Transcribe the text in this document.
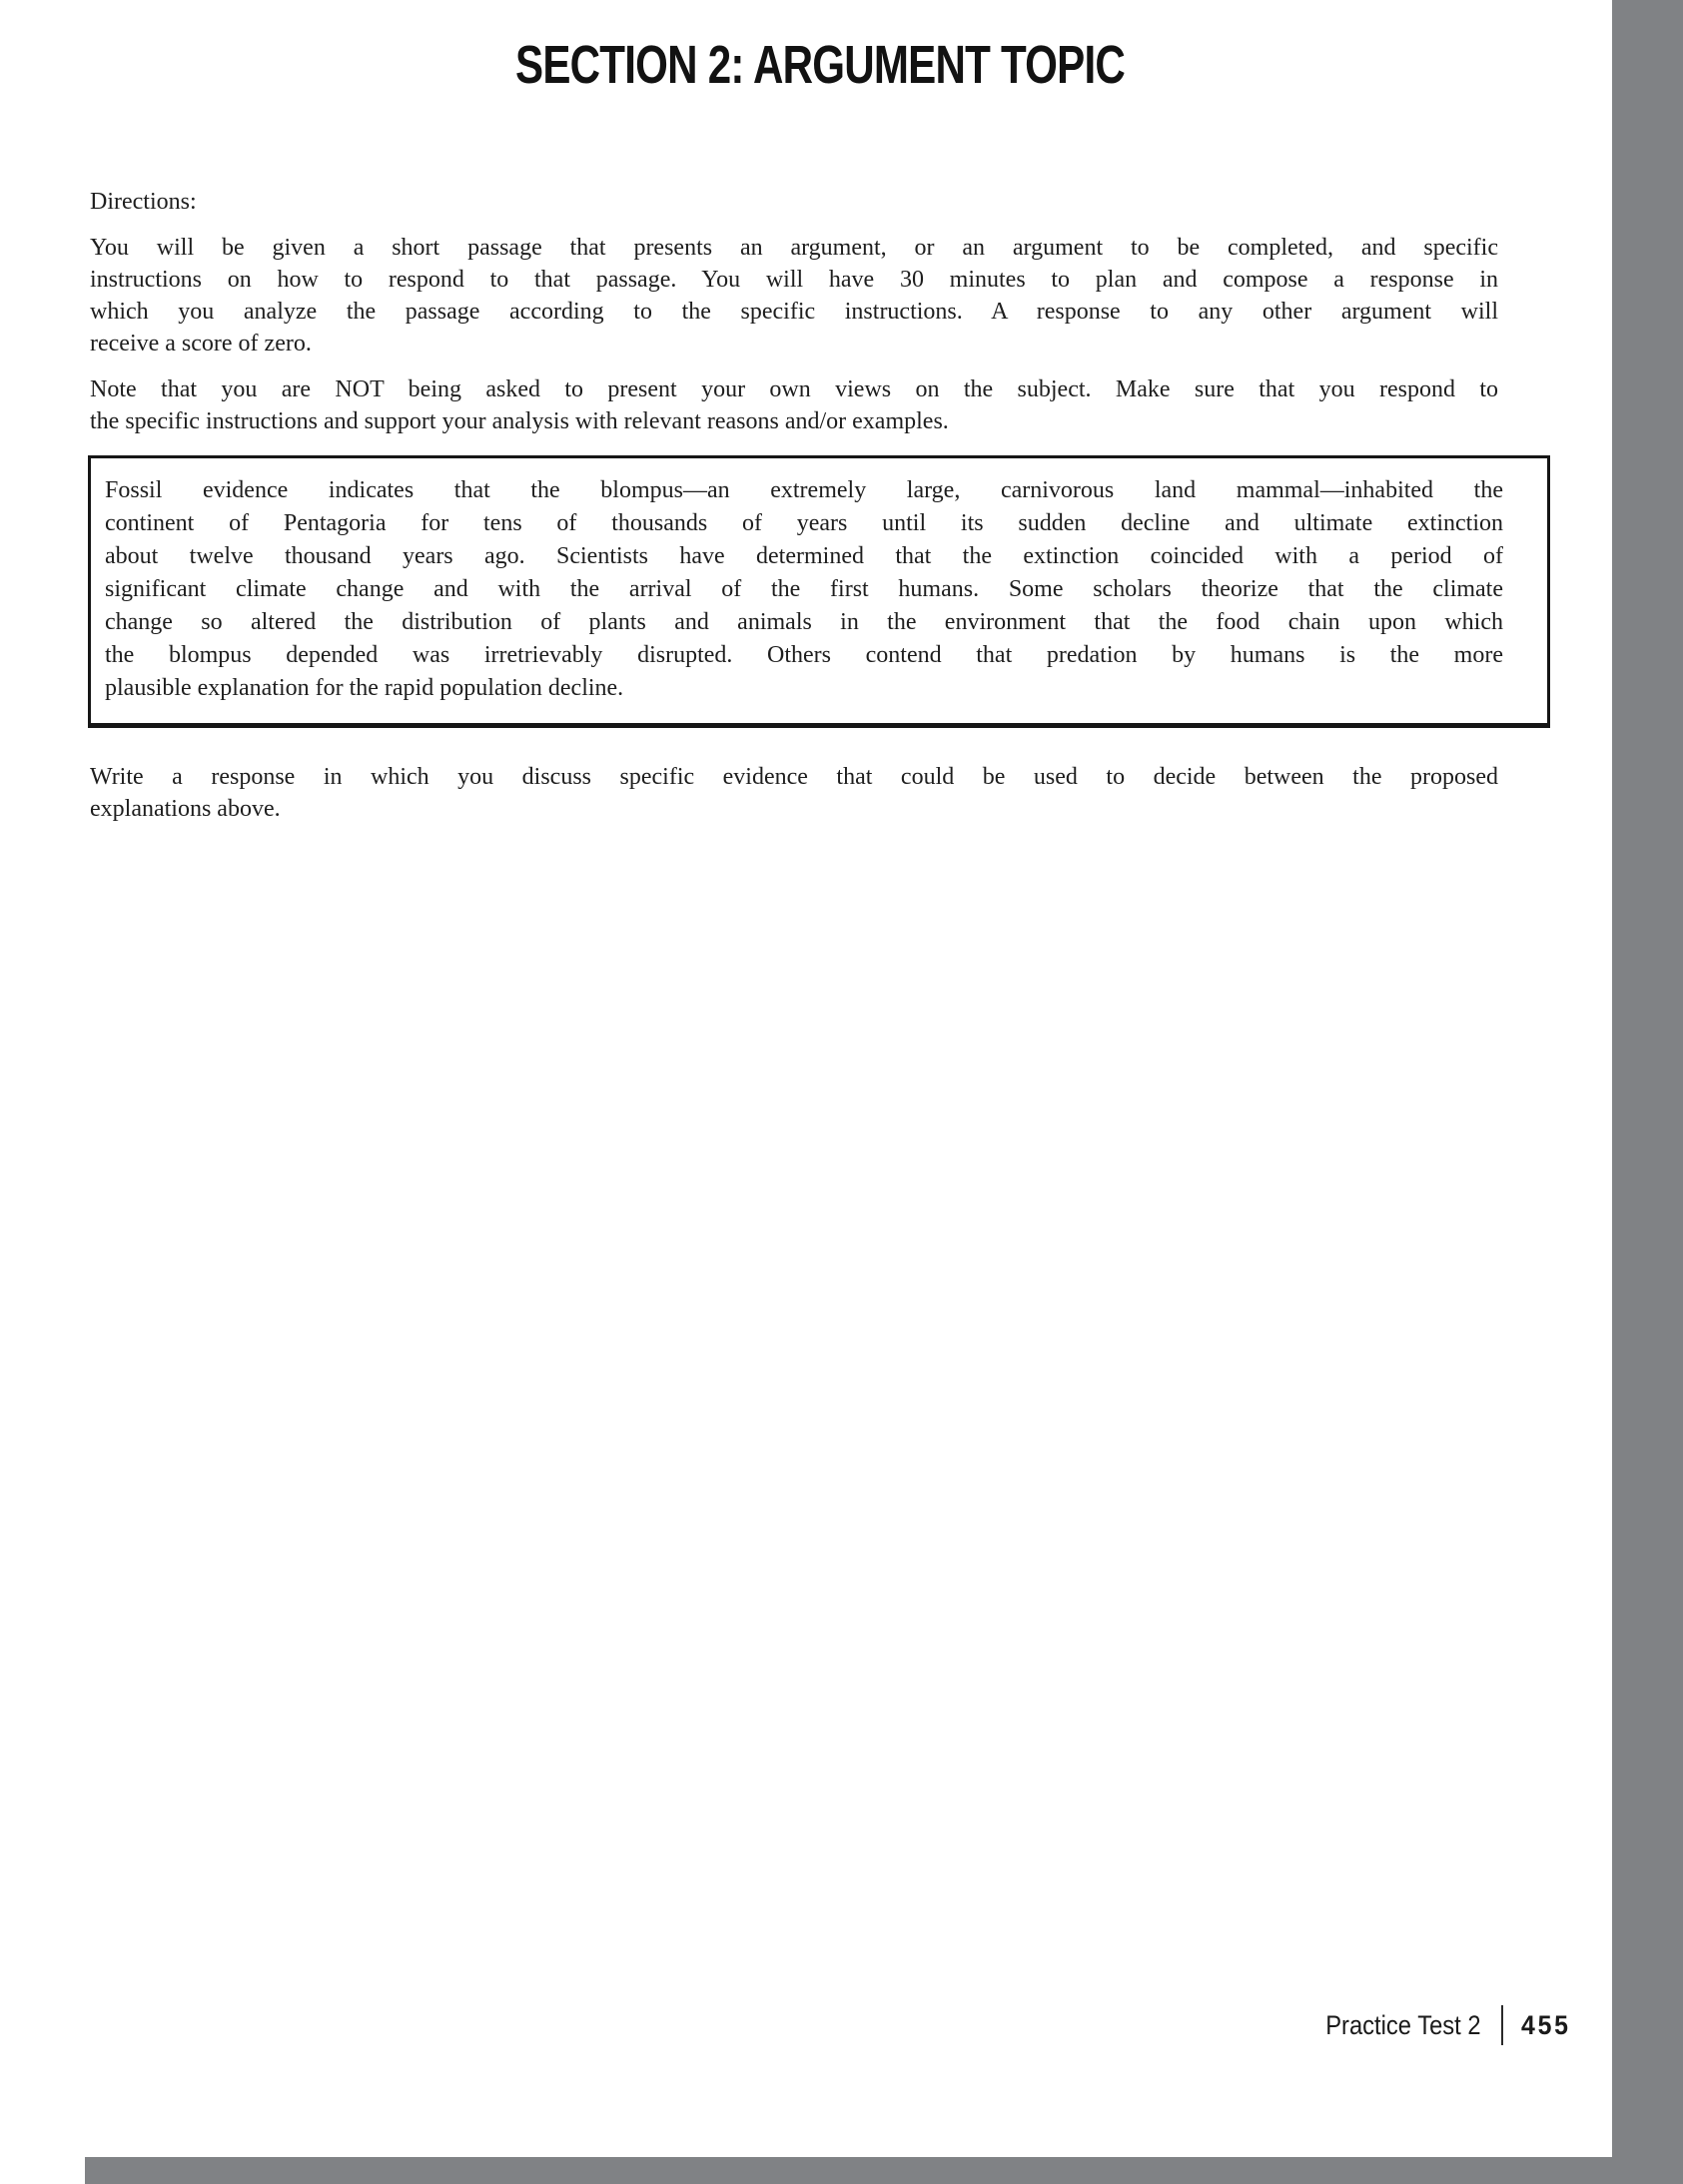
SECTION 2: ARGUMENT TOPIC
Directions:
You will be given a short passage that presents an argument, or an argument to be completed, and specific
instructions on how to respond to that passage. You will have 30 minutes to plan and compose a response in
which you analyze the passage according to the specific instructions. A response to any other argument will
receive a score of zero.
Note that you are NOT being asked to present your own views on the subject. Make sure that you respond to
the specific instructions and support your analysis with relevant reasons and/or examples.
Fossil evidence indicates that the blompus—an extremely large, carnivorous land mammal—inhabited the
continent of Pentagoria for tens of thousands of years until its sudden decline and ultimate extinction
about twelve thousand years ago. Scientists have determined that the extinction coincided with a period of
significant climate change and with the arrival of the first humans. Some scholars theorize that the climate
change so altered the distribution of plants and animals in the environment that the food chain upon which
the blompus depended was irretrievably disrupted. Others contend that predation by humans is the more
plausible explanation for the rapid population decline.
Write a response in which you discuss specific evidence that could be used to decide between the proposed
explanations above.
Practice Test 2 455
